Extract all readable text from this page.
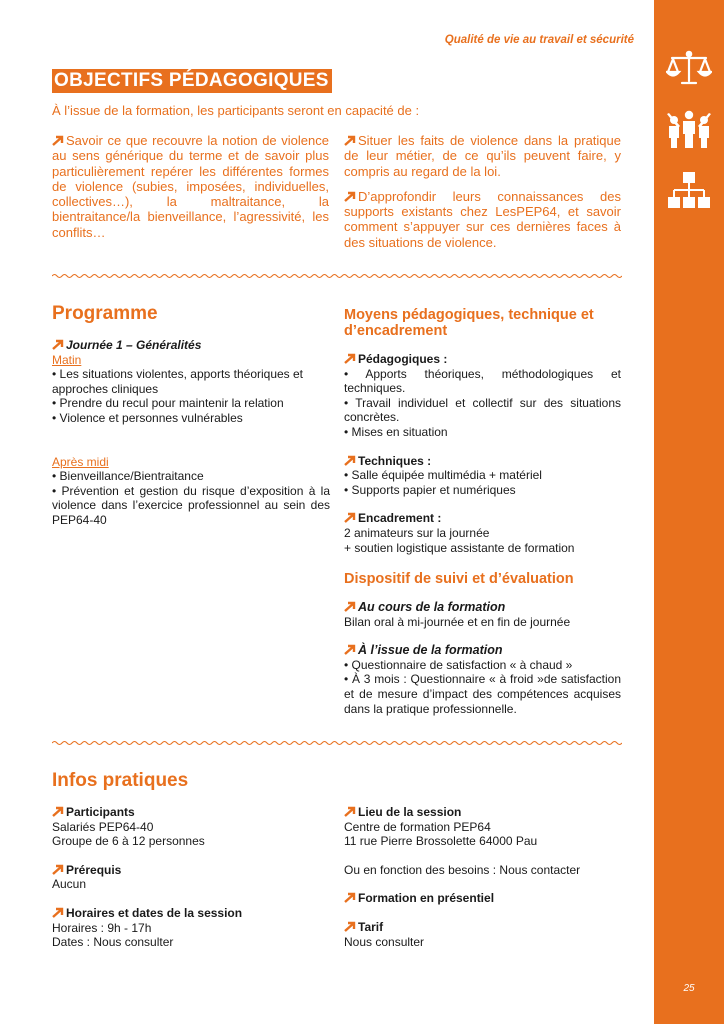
25
Qualité de vie au travail et sécurité
OBJECTIFS PÉDAGOGIQUES
À l’issue de la formation, les participants seront en capacité de :

Savoir ce que recouvre la notion de violence au sens générique du terme et de savoir plus particulièrement repérer les différentes formes de violence (subies, imposées, individuelles, collectives…), la maltraitance, la bientraitance/la bienveillance, l’agressivité, les conflits…

Situer les faits de violence dans la pratique de leur métier, de ce qu’ils peuvent faire, y compris au regard de la loi.

D’approfondir leurs connaissances des supports existants chez LesPEP64, et savoir comment s’appuyer sur ces dernières faces à des situations de violence.

Programme
Journée 1 – Généralités
Matin
• Les situations violentes, apports théoriques et approches cliniques
• Prendre du recul pour maintenir la relation
• Violence et personnes vulnérables
Après midi
• Bienveillance/Bientraitance
• Prévention et gestion du risque d’exposition à la violence dans l’exercice professionnel au sein des PEP64-40
Moyens pédagogiques, technique et d’encadrement
Pédagogiques :
• Apports théoriques, méthodologiques et techniques.
• Travail individuel et collectif sur des situations concrètes.
• Mises en situation
Techniques :
• Salle équipée multimédia + matériel
• Supports papier et numériques
Encadrement :
2 animateurs sur la journée
+ soutien logistique assistante de formation
Dispositif de suivi et d’évaluation
Au cours de la formation
Bilan oral à mi-journée et en fin de journée
À l’issue de la formation
• Questionnaire de satisfaction « à chaud »
• À 3 mois : Questionnaire « à froid »de satisfaction et de mesure d’impact des compétences acquises dans la pratique professionnelle.
Infos pratiques
Participants
Salariés PEP64-40
Groupe de 6 à 12 personnes
Prérequis
Aucun
Horaires et dates de la session
Horaires : 9h - 17h
Dates : Nous consulter
Lieu de la session
Centre de formation PEP64
11 rue Pierre Brossolette 64000 Pau
Ou en fonction des besoins : Nous contacter
Formation en présentiel
Tarif
Nous consulter
